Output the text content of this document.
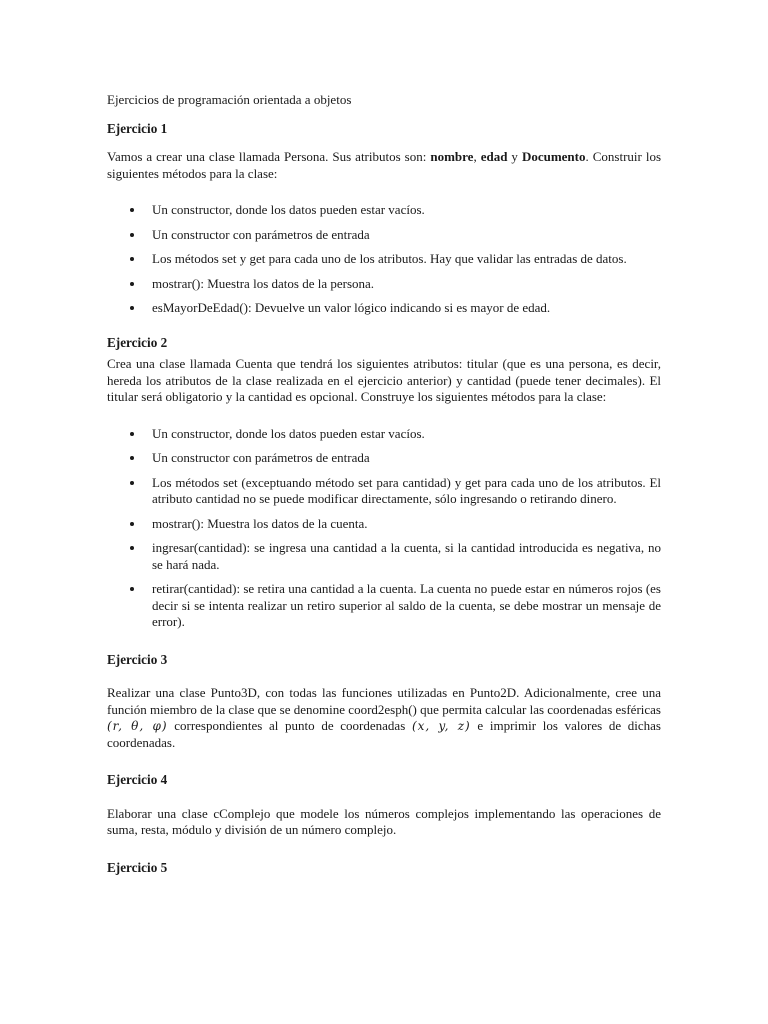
Ejercicios de programación orientada a objetos
Ejercicio 1

Vamos a crear una clase llamada Persona. Sus atributos son: nombre, edad y Documento. Construir los siguientes métodos para la clase:

Un constructor, donde los datos pueden estar vacíos.
Un constructor con parámetros de entrada
Los métodos set y get para cada uno de los atributos. Hay que validar las entradas de datos.
mostrar(): Muestra los datos de la persona.
esMayorDeEdad(): Devuelve un valor lógico indicando si es mayor de edad.
Ejercicio 2

Crea una clase llamada Cuenta que tendrá los siguientes atributos: titular (que es una persona, es decir, hereda los atributos de la clase realizada en el ejercicio anterior) y cantidad (puede tener decimales). El titular será obligatorio y la cantidad es opcional. Construye los siguientes métodos para la clase:

Un constructor, donde los datos pueden estar vacíos.
Un constructor con parámetros de entrada
Los métodos set (exceptuando método set para cantidad) y get para cada uno de los atributos. El atributo cantidad no se puede modificar directamente, sólo ingresando o retirando dinero.
mostrar(): Muestra los datos de la cuenta.
ingresar(cantidad): se ingresa una cantidad a la cuenta, si la cantidad introducida es negativa, no se hará nada.
retirar(cantidad): se retira una cantidad a la cuenta. La cuenta no puede estar en números rojos (es decir si se intenta realizar un retiro superior al saldo de la cuenta, se debe mostrar un mensaje de error).
Ejercicio 3

Realizar una clase Punto3D, con todas las funciones utilizadas en Punto2D. Adicionalmente, cree una función miembro de la clase que se denomine coord2esph() que permita calcular las coordenadas esféricas (r, θ, φ) correspondientes al punto de coordenadas (x, y, z) e imprimir los valores de dichas coordenadas.

Ejercicio 4

Elaborar una clase cComplejo que modele los números complejos implementando las operaciones de suma, resta, módulo y división de un número complejo.

Ejercicio 5
